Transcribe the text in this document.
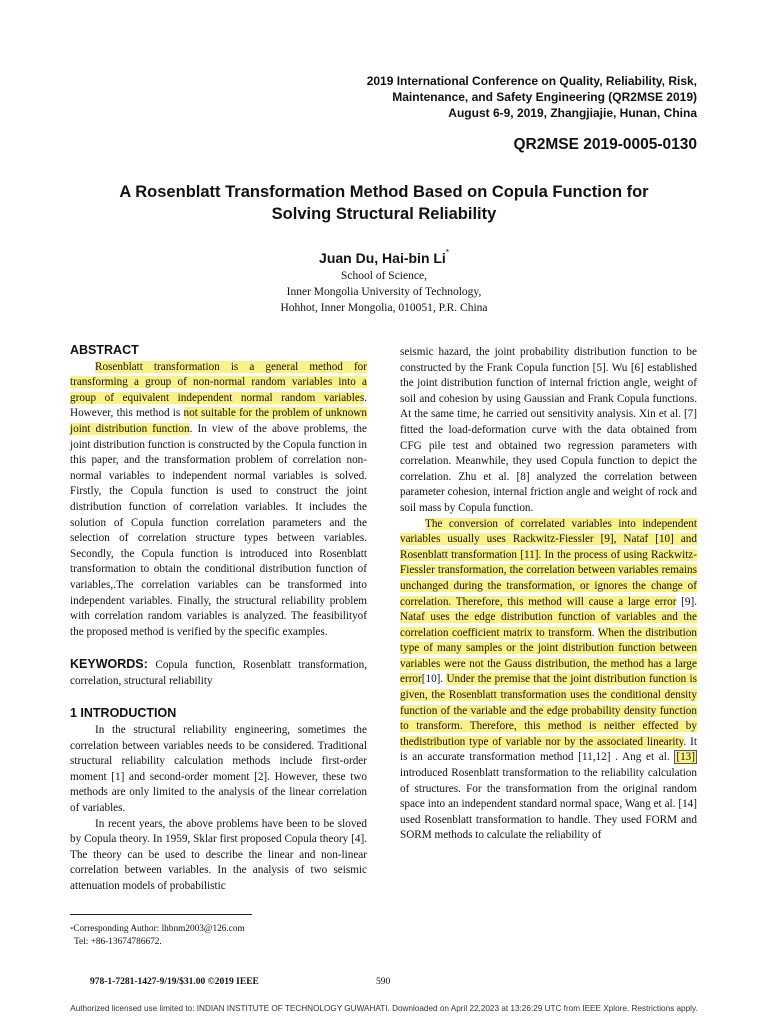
2019 International Conference on Quality, Reliability, Risk,
Maintenance, and Safety Engineering (QR2MSE 2019)
August 6-9, 2019, Zhangjiajie, Hunan, China
QR2MSE 2019-0005-0130
A Rosenblatt Transformation Method Based on Copula Function for
Solving Structural Reliability
Juan Du, Hai-bin Li*
School of Science,
Inner Mongolia University of Technology,
Hohhot, Inner Mongolia, 010051, P.R. China
ABSTRACT

Rosenblatt transformation is a general method for transforming a group of non-normal random variables into a group of equivalent independent normal random variables. However, this method is not suitable for the problem of unknown joint distribution function. In view of the above problems, the joint distribution function is constructed by the Copula function in this paper, and the transformation problem of correlation non-normal variables to independent normal variables is solved. Firstly, the Copula function is used to construct the joint distribution function of correlation variables. It includes the solution of Copula function correlation parameters and the selection of correlation structure types between variables. Secondly, the Copula function is introduced into Rosenblatt transformation to obtain the conditional distribution function of variables,.The correlation variables can be transformed into independent variables. Finally, the structural reliability problem with correlation random variables is analyzed. The feasibilityof the proposed method is verified by the specific examples.

KEYWORDS: Copula function, Rosenblatt transformation, correlation, structural reliability

1 INTRODUCTION

In the structural reliability engineering, sometimes the correlation between variables needs to be considered. Traditional structural reliability calculation methods include first-order moment [1] and second-order moment [2]. However, these two methods are only limited to the analysis of the linear correlation of variables.

In recent years, the above problems have been to be sloved by Copula theory. In 1959, Sklar first proposed Copula theory [4]. The theory can be used to describe the linear and non-linear correlation between variables. In the analysis of two seismic attenuation models of probabilistic

seismic hazard, the joint probability distribution function to be constructed by the Frank Copula function [5]. Wu [6] established the joint distribution function of internal friction angle, weight of soil and cohesion by using Gaussian and Frank Copula functions. At the same time, he carried out sensitivity analysis. Xin et al. [7] fitted the load-deformation curve with the data obtained from CFG pile test and obtained two regression parameters with correlation. Meanwhile, they used Copula function to depict the correlation. Zhu et al. [8] analyzed the correlation between parameter cohesion, internal friction angle and weight of rock and soil mass by Copula function.

The conversion of correlated variables into independent variables usually uses Rackwitz-Fiessler [9], Nataf [10] and Rosenblatt transformation [11]. In the process of using Rackwitz-Fiessler transformation, the correlation between variables remains unchanged during the transformation, or ignores the change of correlation. Therefore, this method will cause a large error [9]. Nataf uses the edge distribution function of variables and the correlation coefficient matrix to transform. When the distribution type of many samples or the joint distribution function between variables were not the Gauss distribution, the method has a large error[10]. Under the premise that the joint distribution function is given, the Rosenblatt transformation uses the conditional density function of the variable and the edge probability density function to transform. Therefore, this method is neither effected by thedistribution type of variable nor by the associated linearity. It is an accurate transformation method [11,12] . Ang et al. [13] introduced Rosenblatt transformation to the reliability calculation of structures. For the transformation from the original random space into an independent standard normal space, Wang et al. [14] used Rosenblatt transformation to handle. They used FORM and SORM methods to calculate the reliability of

*Corresponding Author: lhbnm2003@126.com
Tel: +86-13674786672.
978-1-7281-1427-9/19/$31.00 ©2019 IEEE	590
Authorized licensed use limited to: INDIAN INSTITUTE OF TECHNOLOGY GUWAHATI. Downloaded on April 22,2023 at 13:26:29 UTC from IEEE Xplore. Restrictions apply.
